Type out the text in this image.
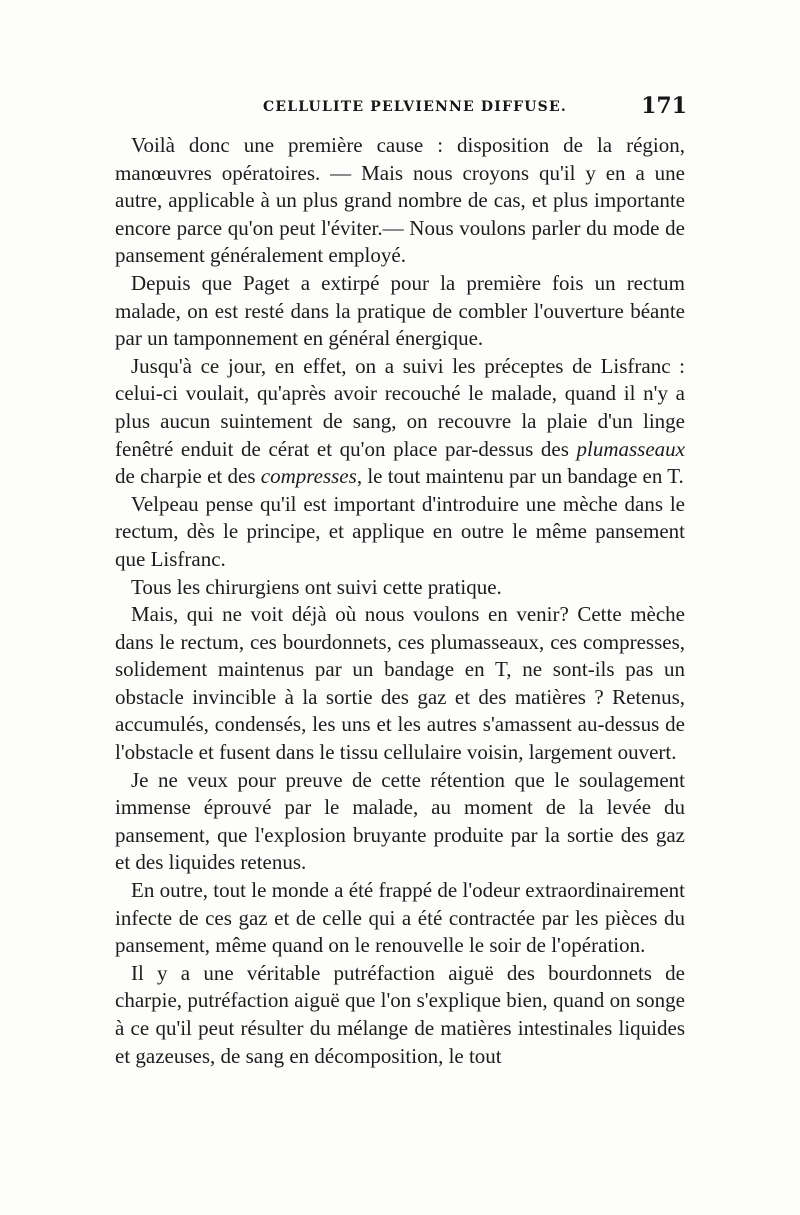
CELLULITE PELVIENNE DIFFUSE.	171

Voilà donc une première cause : disposition de la région, manœuvres opératoires. — Mais nous croyons qu'il y en a une autre, applicable à un plus grand nombre de cas, et plus importante encore parce qu'on peut l'éviter.— Nous voulons parler du mode de pansement généralement employé.

Depuis que Paget a extirpé pour la première fois un rectum malade, on est resté dans la pratique de combler l'ouverture béante par un tamponnement en général énergique.

Jusqu'à ce jour, en effet, on a suivi les préceptes de Lisfranc : celui-ci voulait, qu'après avoir recouché le malade, quand il n'y a plus aucun suintement de sang, on recouvre la plaie d'un linge fenêtré enduit de cérat et qu'on place par-dessus des plumasseaux de charpie et des compresses, le tout maintenu par un bandage en T.

Velpeau pense qu'il est important d'introduire une mèche dans le rectum, dès le principe, et applique en outre le même pansement que Lisfranc.

Tous les chirurgiens ont suivi cette pratique.

Mais, qui ne voit déjà où nous voulons en venir? Cette mèche dans le rectum, ces bourdonnets, ces plumasseaux, ces compresses, solidement maintenus par un bandage en T, ne sont-ils pas un obstacle invincible à la sortie des gaz et des matières ? Retenus, accumulés, condensés, les uns et les autres s'amassent au-dessus de l'obstacle et fusent dans le tissu cellulaire voisin, largement ouvert.

Je ne veux pour preuve de cette rétention que le soulagement immense éprouvé par le malade, au moment de la levée du pansement, que l'explosion bruyante produite par la sortie des gaz et des liquides retenus.

En outre, tout le monde a été frappé de l'odeur extraordinairement infecte de ces gaz et de celle qui a été contractée par les pièces du pansement, même quand on le renouvelle le soir de l'opération.

Il y a une véritable putréfaction aiguë des bourdonnets de charpie, putréfaction aiguë que l'on s'explique bien, quand on songe à ce qu'il peut résulter du mélange de matières intestinales liquides et gazeuses, de sang en décomposition, le tout
